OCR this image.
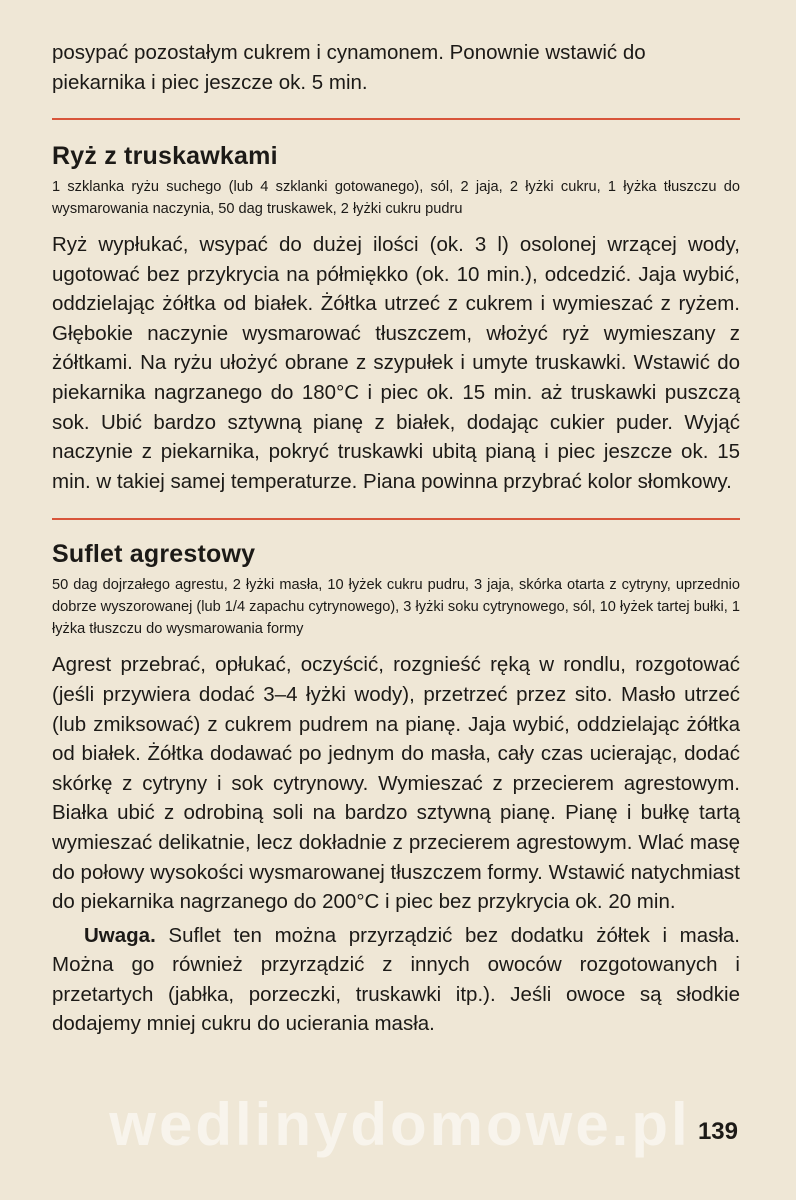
posypać pozostałym cukrem i cynamonem. Ponownie wstawić do piekarnika i piec jeszcze ok. 5 min.

Ryż z truskawkami

1 szklanka ryżu suchego (lub 4 szklanki gotowanego), sól, 2 jaja, 2 łyżki cukru, 1 łyżka tłuszczu do wysmarowania naczynia, 50 dag truskawek, 2 łyżki cukru pudru

Ryż wypłukać, wsypać do dużej ilości (ok. 3 l) osolonej wrzącej wody, ugotować bez przykrycia na półmiękko (ok. 10 min.), odcedzić. Jaja wybić, oddzielając żółtka od białek. Żółtka utrzeć z cukrem i wymieszać z ryżem. Głębokie naczynie wysmarować tłuszczem, włożyć ryż wymieszany z żółtkami. Na ryżu ułożyć obrane z szypułek i umyte truskawki. Wstawić do piekarnika nagrzanego do 180°C i piec ok. 15 min. aż truskawki puszczą sok. Ubić bardzo sztywną pianę z białek, dodając cukier puder. Wyjąć naczynie z piekarnika, pokryć truskawki ubitą pianą i piec jeszcze ok. 15 min. w takiej samej temperaturze. Piana powinna przybrać kolor słomkowy.

Suflet agrestowy

50 dag dojrzałego agrestu, 2 łyżki masła, 10 łyżek cukru pudru, 3 jaja, skórka otarta z cytryny, uprzednio dobrze wyszorowanej (lub 1/4 zapachu cytrynowego), 3 łyżki soku cytrynowego, sól, 10 łyżek tartej bułki, 1 łyżka tłuszczu do wysmarowania formy

Agrest przebrać, opłukać, oczyścić, rozgnieść ręką w rondlu, rozgotować (jeśli przywiera dodać 3–4 łyżki wody), przetrzeć przez sito. Masło utrzeć (lub zmiksować) z cukrem pudrem na pianę. Jaja wybić, oddzielając żółtka od białek. Żółtka dodawać po jednym do masła, cały czas ucierając, dodać skórkę z cytryny i sok cytrynowy. Wymieszać z przecierem agrestowym. Białka ubić z odrobiną soli na bardzo sztywną pianę. Pianę i bułkę tartą wymieszać delikatnie, lecz dokładnie z przecierem agrestowym. Wlać masę do połowy wysokości wysmarowanej tłuszczem formy. Wstawić natychmiast do piekarnika nagrzanego do 200°C i piec bez przykrycia ok. 20 min.

Uwaga. Suflet ten można przyrządzić bez dodatku żółtek i masła. Można go również przyrządzić z innych owoców rozgotowanych i przetartych (jabłka, porzeczki, truskawki itp.). Jeśli owoce są słodkie dodajemy mniej cukru do ucierania masła.

wedlinydomowe.pl 139
